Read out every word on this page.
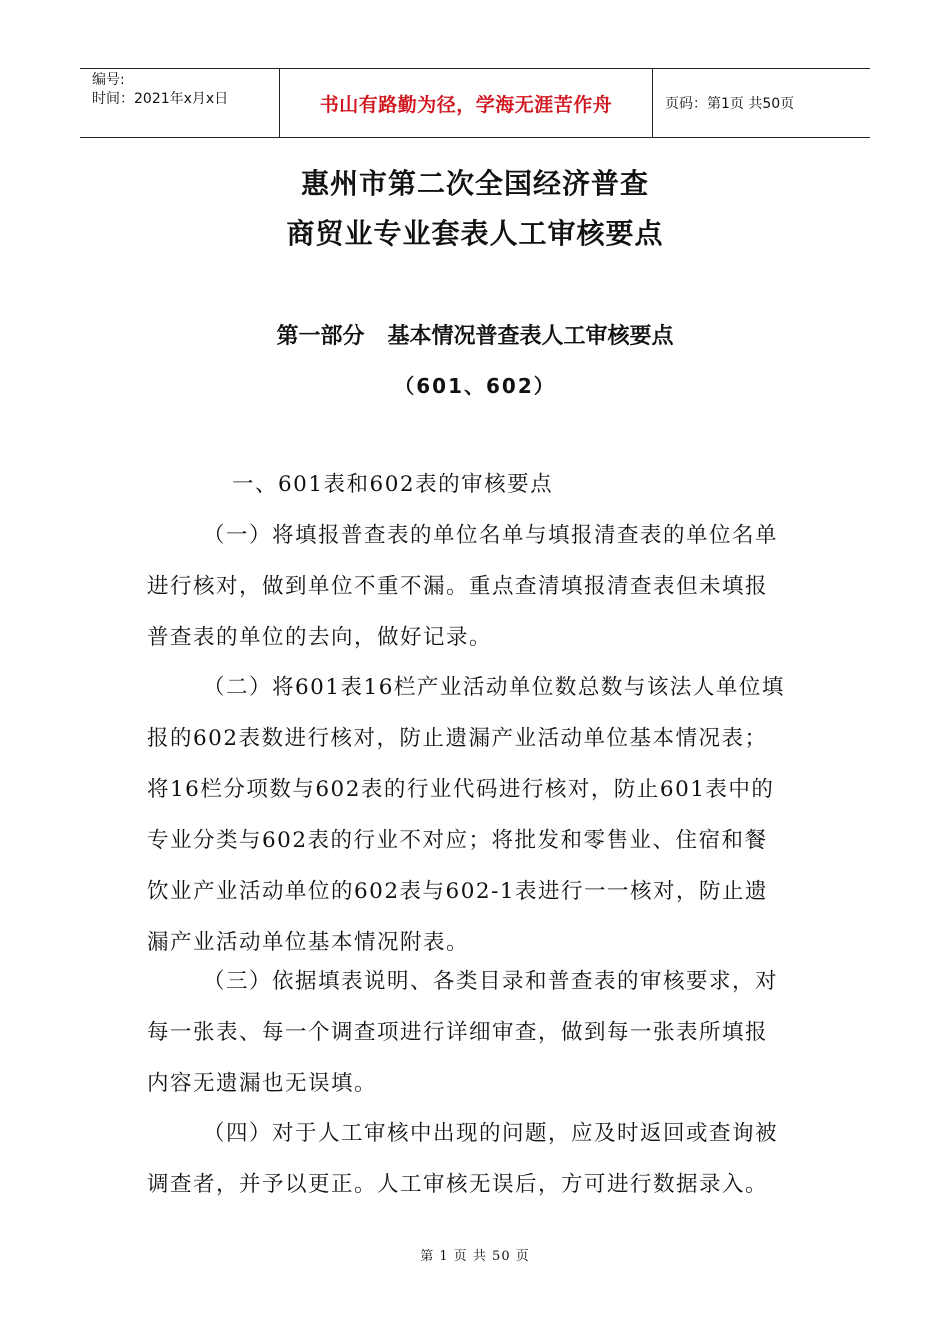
编号:
时间：2021年x月x日	书山有路勤为径，学海无涯苦作舟	页码：第1页 共50页
惠州市第二次全国经济普查
商贸业专业套表人工审核要点
第一部分   基本情况普查表人工审核要点
（601、602）
一、601表和602表的审核要点
（一）将填报普查表的单位名单与填报清查表的单位名单
进行核对，做到单位不重不漏。重点查清填报清查表但未填报
普查表的单位的去向，做好记录。
（二）将601表16栏产业活动单位数总数与该法人单位填
报的602表数进行核对，防止遗漏产业活动单位基本情况表；
将16栏分项数与602表的行业代码进行核对，防止601表中的
专业分类与602表的行业不对应；将批发和零售业、住宿和餐
饮业产业活动单位的602表与602-1表进行一一核对，防止遗
漏产业活动单位基本情况附表。
（三）依据填表说明、各类目录和普查表的审核要求，对
每一张表、每一个调查项进行详细审查，做到每一张表所填报
内容无遗漏也无误填。
（四）对于人工审核中出现的问题，应及时返回或查询被
调查者，并予以更正。人工审核无误后，方可进行数据录入。
第 1 页 共 50 页
